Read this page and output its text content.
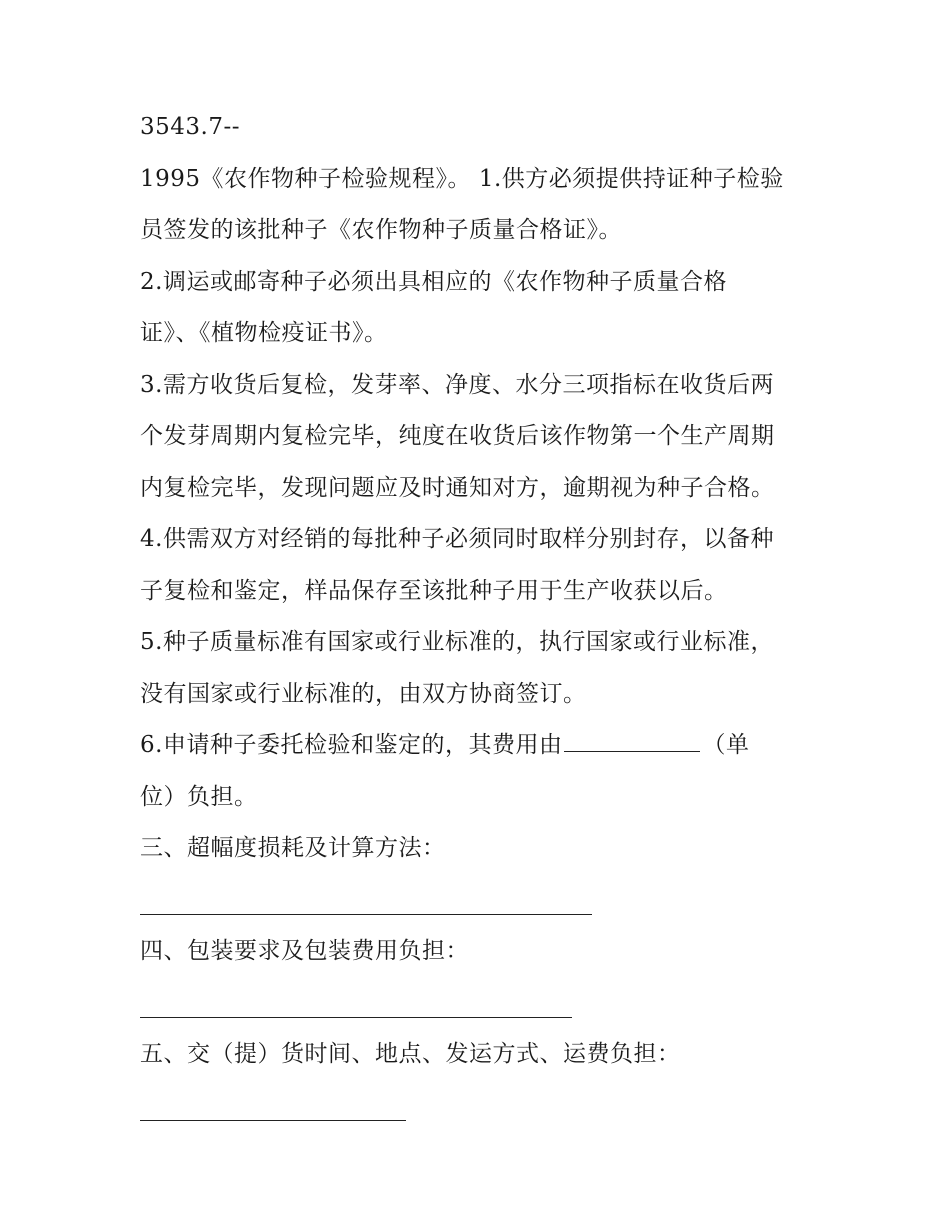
3543.7--
1995《农作物种子检验规程》。 1.供方必须提供持证种子检验
员签发的该批种子《农作物种子质量合格证》。
2.调运或邮寄种子必须出具相应的《农作物种子质量合格
证》、《植物检疫证书》。
3.需方收货后复检，发芽率、净度、水分三项指标在收货后两
个发芽周期内复检完毕，纯度在收货后该作物第一个生产周期
内复检完毕，发现问题应及时通知对方，逾期视为种子合格。
4.供需双方对经销的每批种子必须同时取样分别封存，以备种
子复检和鉴定，样品保存至该批种子用于生产收获以后。
5.种子质量标准有国家或行业标准的，执行国家或行业标准，
没有国家或行业标准的，由双方协商签订。
6.申请种子委托检验和鉴定的，其费用由	（单
位）负担。
三、超幅度损耗及计算方法：
四、包装要求及包装费用负担：
五、交（提）货时间、地点、发运方式、运费负担：
